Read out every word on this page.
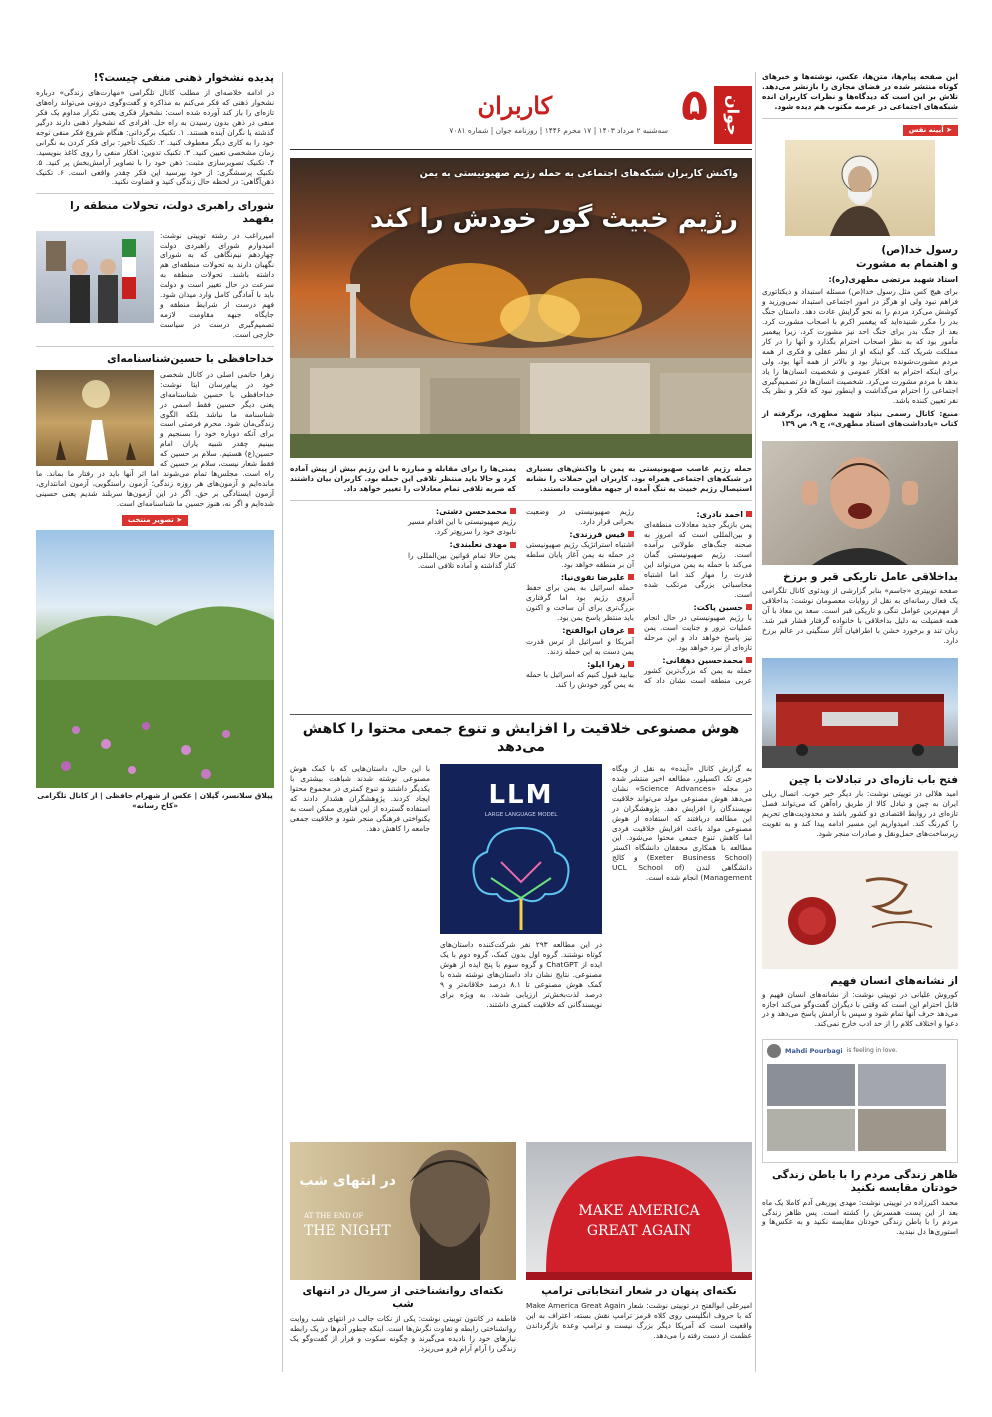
جوان
۵
کاربران
سه‌شنبه ۲ مرداد ۱۴۰۳ | ۱۷ محرم ۱۴۴۶ | روزنامه جوان | شماره ۷۰۸۱
این صفحه پیام‌ها، متن‌ها، عکس، نوشته‌ها و خبرهای کوتاه منتشر شده در فضای مجازی را بازنشر می‌دهد. تلاش بر این است که دیدگاه‌ها و نظرات کاربران انده شبکه‌های اجتماعی در عرصه مکتوب هم دیده شود.
➤ آیینه نفس
رسول خدا(ص)
و اهتمام به مشورت
استاد شهید مرتضی مطهری(ره):
برای هیچ کس مثل رسول خدا(ص) مسئله استبداد و دیکتاتوری فراهم نبود ولی او هرگز در امور اجتماعی استبداد نمی‌ورزید و کوشش می‌کرد مردم را به نحو گرایش عادت دهد. داستان جنگ بدر را مکرر شنیده‌اید که پیغمبر اکرم با اصحاب مشورت کرد. بعد از جنگ بدر برای جنگ احد نیز مشورت کرد، زیرا پیغمبر مأمور بود که به نظر اصحاب احترام بگذارد و آنها را در کار مملکت شریک کند. گو اینکه او از نظر عقلی و فکری از همه مردم مشورت‌شونده بی‌نیاز بود و بالاتر از همه آنها بود، ولی برای اینکه احترام به افکار عمومی و شخصیت انسان‌ها را یاد بدهد با مردم مشورت می‌کرد. شخصیت انسان‌ها در تصمیم‌گیری اجتماعی را احترام می‌گذاشت و اینطور نبود که فکر و نظر یک نفر تعیین کننده باشد.
منبع: کانال رسمی بنیاد شهید مطهری، برگرفته از کتاب «یادداشت‌های استاد مطهری»، ج ۹، ص ۱۳۹
بداخلاقی عامل تاریکی قبر و برزخ
صفحه توییتری «جاسم» بنابر گزارشی از ویدئوی کانال تلگرامی یک فعال رسانه‌ای به نقل از روایات معصومان نوشت: بداخلاقی از مهم‌ترین عوامل تنگی و تاریکی قبر است. سعد بن معاذ با آن همه فضیلت به دلیل بداخلاقی با خانواده گرفتار فشار قبر شد. زبان تند و برخورد خشن با اطرافیان آثار سنگینی در عالم برزخ دارد.
فتح باب تازه‌ای در تبادلات با چین
امید هلالی در توییتی نوشت: بار دیگر خبر خوب. اتصال ریلی ایران به چین و تبادل کالا از طریق راه‌آهن که می‌تواند فصل تازه‌ای در روابط اقتصادی دو کشور باشد و محدودیت‌های تحریم را کم‌رنگ کند. امیدواریم این مسیر ادامه پیدا کند و به تقویت زیرساخت‌های حمل‌ونقل و صادرات منجر شود.
از نشانه‌های انسان فهیم
کوروش علیانی در توییتی نوشت: از نشانه‌های انسان فهیم و قابل احترام این است که وقتی با دیگران گفت‌وگو می‌کند اجازه می‌دهد حرف آنها تمام شود و سپس با آرامش پاسخ می‌دهد و در دعوا و اختلاف کلام را از حد ادب خارج نمی‌کند.
Mahdi Pourbagi is feeling in love.
ظاهر زندگی مردم را با باطن زندگی
خودتان مقایسه نکنید
محمد اکبرزاده در توییتی نوشت: مهدی پوربقی آدم کاملا یک ماه بعد از این پست همسرش را کشته است. پس ظاهر زندگی مردم را با باطن زندگی خودتان مقایسه نکنید و به عکس‌ها و استوری‌ها دل نبندید.
واکنش کاربران شبکه‌های اجتماعی به حمله رژیم صهیونیستی به یمن
رژیم خبیث گور خودش را کند
حمله رژیم غاصب صهیونیستی به یمن با واکنش‌های بسیاری در شبکه‌های اجتماعی همراه بود. کاربران این حملات را نشانه استیصال رژیم خبیث به تنگ آمده از جبهه مقاومت دانستند.
یمنی‌ها را برای مقابله و مبارزه با این رژیم بیش از پیش آماده کرد و حالا باید منتظر تلافی این حمله بود. کاربران بیان داشتند که ضربه تلافی تمام معادلات را تغییر خواهد داد.
احمد نادری:
یمن بازیگر جدید معادلات منطقه‌ای و بین‌المللی است که امروز به صحنه جنگ‌های طولانی برآمده است. رژیم صهیونیستی گمان می‌کند با حمله به یمن می‌تواند این قدرت را مهار کند اما اشتباه محاسباتی بزرگی مرتکب شده است.
حسین پاکت:
با رژیم صهیونیستی در حال انجام عملیات ترور و جنایت است. یمن نیز پاسخ خواهد داد و این مرحله تازه‌ای از نبرد خواهد بود.
محمدحسین دهقانی:
حمله به یمن که بزرگ‌ترین کشور عربی منطقه است نشان داد که رژیم صهیونیستی در وضعیت بحرانی قرار دارد.
قیس فرزندی:
اشتباه استراتژیک رژیم صهیونیستی در حمله به یمن آغاز پایان سلطه آن بر منطقه خواهد بود.
علیرضا تقوی‌نیا:
حمله اسرائیل به یمن برای حفظ آبروی رژیم بود اما گرفتاری بزرگ‌تری برای آن ساخت و اکنون باید منتظر پاسخ یمن بود.
عرفان ابوالفتح:
آمریکا و اسرائیل از ترس قدرت یمن دست به این حمله زدند.
زهرا ایلو:
بیایید قبول کنیم که اسرائیل با حمله به یمن گور خودش را کند.
محمدحسن دشتی:
رژیم صهیونیستی با این اقدام مسیر نابودی خود را سریع‌تر کرد.
مهدی نعلبندی:
یمن حالا تمام قوانین بین‌المللی را کنار گذاشته و آماده تلافی است.
هوش مصنوعی خلاقیت را افزایش و تنوع جمعی محتوا را کاهش می‌دهد
به گزارش کانال «آینده» به نقل از وبگاه خبری تک اکسپلور، مطالعه اخیر منتشر شده در مجله «Science Advances» نشان می‌دهد هوش مصنوعی مولد می‌تواند خلاقیت نویسندگان را افزایش دهد. پژوهشگران در این مطالعه دریافتند که استفاده از هوش مصنوعی مولد باعث افزایش خلاقیت فردی اما کاهش تنوع جمعی محتوا می‌شود. این مطالعه با همکاری محققان دانشگاه اکستر (Exeter Business School) و کالج دانشگاهی لندن (UCL School of Management) انجام شده است.
LLM
LARGE LANGUAGE MODEL
در این مطالعه ۲۹۳ نفر شرکت‌کننده داستان‌های کوتاه نوشتند. گروه اول بدون کمک، گروه دوم با یک ایده از ChatGPT و گروه سوم با پنج ایده از هوش مصنوعی. نتایج نشان داد داستان‌های نوشته شده با کمک هوش مصنوعی تا ۸.۱ درصد خلاقانه‌تر و ۹ درصد لذت‌بخش‌تر ارزیابی شدند، به ویژه برای نویسندگانی که خلاقیت کمتری داشتند.
با این حال، داستان‌هایی که با کمک هوش مصنوعی نوشته شدند شباهت بیشتری با یکدیگر داشتند و تنوع کمتری در مجموع محتوا ایجاد کردند. پژوهشگران هشدار دادند که استفاده گسترده از این فناوری ممکن است به یکنواختی فرهنگی منجر شود و خلاقیت جمعی جامعه را کاهش دهد.
MAKE AMERICA
GREAT AGAIN
نکته‌ای پنهان در شعار انتخاباتی ترامپ
امیرعلی ابوالفتح در توییتی نوشت: شعار Make America Great Again که با حروف انگلیسی روی کلاه قرمز ترامپ نقش بسته، اعتراف به این واقعیت است که آمریکا دیگر بزرگ نیست و ترامپ وعده بازگرداندن عظمت از دست رفته را می‌دهد.
در انتهای شب
AT THE END OF
THE NIGHT
نکته‌ای روانشناختی از سریال در انتهای شب
فاطمه در کانتون توییتی نوشت: یکی از نکات جالب در انتهای شب روایت روانشناختی رابطه و تفاوت نگرش‌ها است. اینکه چطور آدم‌ها در یک رابطه نیازهای خود را نادیده می‌گیرند و چگونه سکوت و فرار از گفت‌وگو یک زندگی را آرام آرام فرو می‌ریزد.
پدیده نشخوار ذهنی منفی چیست؟!
در ادامه خلاصه‌ای از مطلب کانال تلگرامی «مهارت‌های زندگی» درباره نشخوار ذهنی که فکر می‌کنم به مذاکره و گفت‌وگوی درونی می‌تواند راه‌های تازه‌ای را باز کند آورده شده است: نشخوار فکری یعنی تکرار مداوم یک فکر منفی در ذهن بدون رسیدن به راه حل. افرادی که نشخوار ذهنی دارند درگیر گذشته یا نگران آینده هستند. ۱. تکنیک برگردانی: هنگام شروع فکر منفی توجه خود را به کاری دیگر معطوف کنید. ۲. تکنیک تأخیر: برای فکر کردن به نگرانی زمان مشخصی تعیین کنید. ۳. تکنیک تدوین: افکار منفی را روی کاغذ بنویسید. ۴. تکنیک تصویرسازی مثبت: ذهن خود را با تصاویر آرامش‌بخش پر کنید. ۵. تکنیک پرسشگری: از خود بپرسید این فکر چقدر واقعی است. ۶. تکنیک ذهن‌آگاهی: در لحظه حال زندگی کنید و قضاوت نکنید.
شورای راهبری دولت، تحولات منطقه را بفهمد
امیرراغب در رشته توییتی نوشت: امیدوارم شورای راهبردی دولت چهاردهم نیم‌نگاهی که به شورای نگهبان دارند به تحولات منطقه‌ای هم داشته باشند. تحولات منطقه به سرعت در حال تغییر است و دولت باید با آمادگی کامل وارد میدان شود. فهم درست از شرایط منطقه و جایگاه جبهه مقاومت لازمه تصمیم‌گیری درست در سیاست خارجی است.
خداحافظی با حسین‌شناسنامه‌ای
زهرا حاتمی اصلی در کانال شخصی خود در پیام‌رسان ایتا نوشت: خداحافظی با حسین شناسنامه‌ای یعنی دیگر حسین فقط اسمی در شناسنامه ما نباشد بلکه الگوی زندگی‌مان شود. محرم فرصتی است برای آنکه دوباره خود را بسنجیم و ببینیم چقدر شبیه یاران امام حسین(ع) هستیم. سلام بر حسین که فقط شعار نیست، سلام بر حسین که راه است. مجلس‌ها تمام می‌شوند اما اثر آنها باید در رفتار ما بماند. ما مانده‌ایم و آزمون‌های هر روزه زندگی؛ آزمون راستگویی، آزمون امانتداری، آزمون ایستادگی بر حق. اگر در این آزمون‌ها سربلند شدیم یعنی حسینی شده‌ایم و اگر نه، هنوز حسین ما شناسنامه‌ای است.
➤ تصویر منتخب
ییلاق سلانسر، گیلان | عکس از شهرام حافظی | از کانال تلگرامی «کاخ رسانه»
